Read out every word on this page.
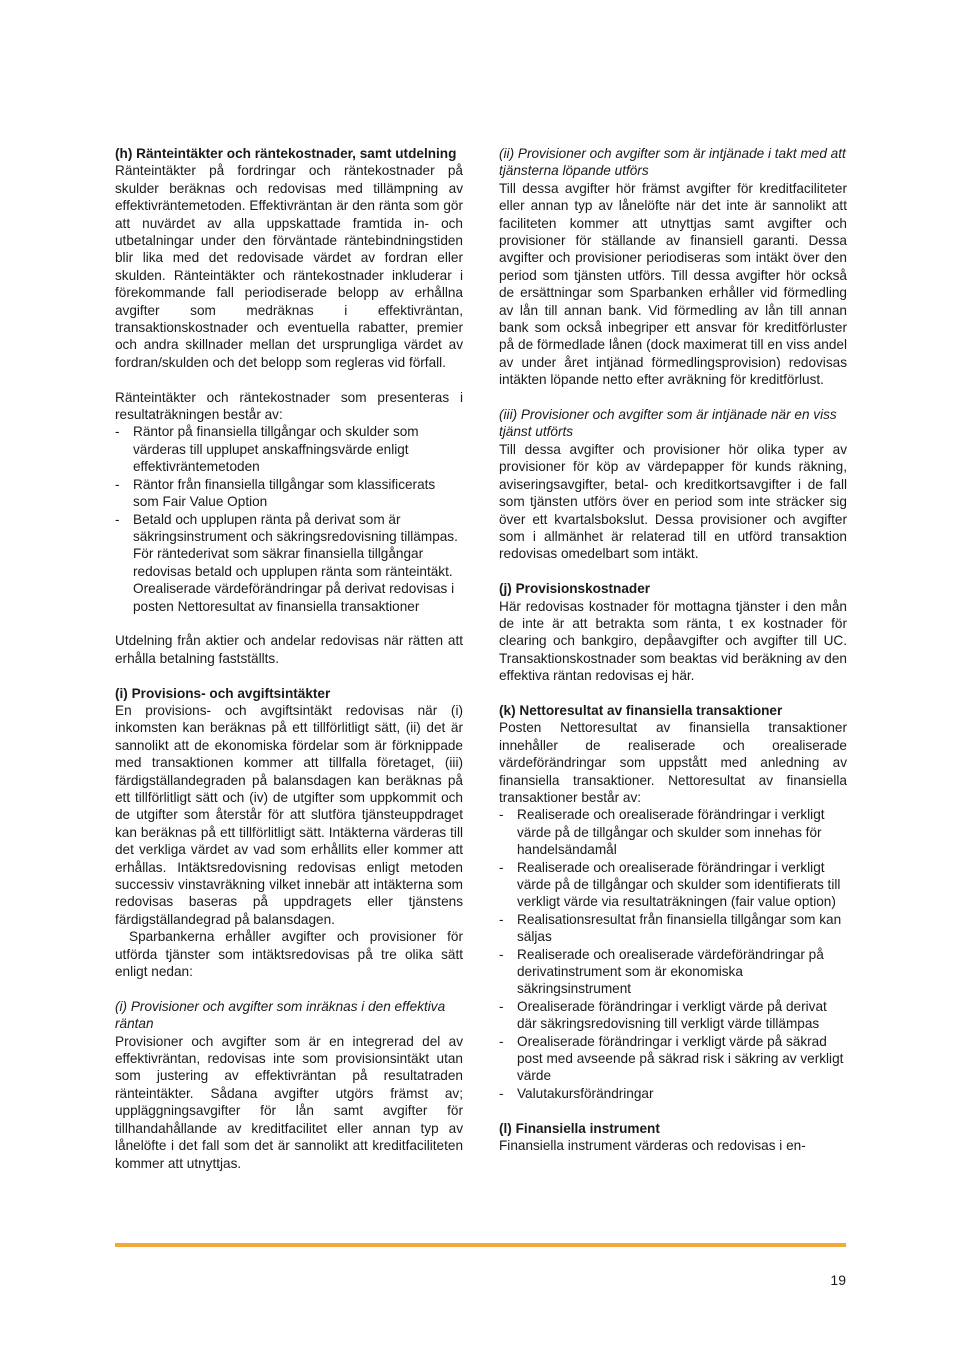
(h) Ränteintäkter och räntekostnader, samt utdelning

Ränteintäkter på fordringar och räntekostnader på skulder beräknas och redovisas med tillämpning av effektivräntemetoden. Effektivräntan är den ränta som gör att nuvärdet av alla uppskattade framtida in- och utbetalningar under den förväntade räntebindningstiden blir lika med det redovisade värdet av fordran eller skulden. Ränteintäkter och räntekostnader inkluderar i förekommande fall periodiserade belopp av erhållna avgifter som medräknas i effektivräntan, transaktionskostnader och eventuella rabatter, premier och andra skillnader mellan det ursprungliga värdet av fordran/skulden och det belopp som regleras vid förfall.

Ränteintäkter och räntekostnader som presenteras i resultaträkningen består av:

- Räntor på finansiella tillgångar och skulder som värderas till upplupet anskaffningsvärde enligt effektivräntemetoden
- Räntor från finansiella tillgångar som klassificerats som Fair Value Option
- Betald och upplupen ränta på derivat som är säkringsinstrument och säkringsredovisning tillämpas. För räntederivat som säkrar finansiella tillgångar redovisas betald och upplupen ränta som ränteintäkt. Orealiserade värdeförändringar på derivat redovisas i posten Nettoresultat av finansiella transaktioner

Utdelning från aktier och andelar redovisas när rätten att erhålla betalning fastställts.

(i) Provisions- och avgiftsintäkter

En provisions- och avgiftsintäkt redovisas när (i) inkomsten kan beräknas på ett tillförlitligt sätt, (ii) det är sannolikt att de ekonomiska fördelar som är förknippade med transaktionen kommer att tillfalla företaget, (iii) färdigställandegraden på balansdagen kan beräknas på ett tillförlitligt sätt och (iv) de utgifter som uppkommit och de utgifter som återstår för att slutföra tjänsteuppdraget kan beräknas på ett tillförlitligt sätt. Intäkterna värderas till det verkliga värdet av vad som erhållits eller kommer att erhållas. Intäktsredovisning redovisas enligt metoden successiv vinstavräkning vilket innebär att intäkterna som redovisas baseras på uppdragets eller tjänstens färdigställandegrad på balansdagen.

Sparbankerna erhåller avgifter och provisioner för utförda tjänster som intäktsredovisas på tre olika sätt enligt nedan:

(i) Provisioner och avgifter som inräknas i den effektiva räntan

Provisioner och avgifter som är en integrerad del av effektivräntan, redovisas inte som provisionsintäkt utan som justering av effektivräntan på resultatraden ränteintäkter. Sådana avgifter utgörs främst av; uppläggningsavgifter för lån samt avgifter för tillhandahållande av kreditfacilitet eller annan typ av lånelöfte i det fall som det är sannolikt att kreditfaciliteten kommer att utnyttjas.

(ii) Provisioner och avgifter som är intjänade i takt med att tjänsterna löpande utförs

Till dessa avgifter hör främst avgifter för kreditfaciliteter eller annan typ av lånelöfte när det inte är sannolikt att faciliteten kommer att utnyttjas samt avgifter och provisioner för ställande av finansiell garanti. Dessa avgifter och provisioner periodiseras som intäkt över den period som tjänsten utförs. Till dessa avgifter hör också de ersättningar som Sparbanken erhåller vid förmedling av lån till annan bank. Vid förmedling av lån till annan bank som också inbegriper ett ansvar för kreditförluster på de förmedlade lånen (dock maximerat till en viss andel av under året intjänad förmedlingsprovision) redovisas intäkten löpande netto efter avräkning för kreditförlust.

(iii) Provisioner och avgifter som är intjänade när en viss tjänst utförts

Till dessa avgifter och provisioner hör olika typer av provisioner för köp av värdepapper för kunds räkning, aviseringsavgifter, betal- och kreditkortsavgifter i de fall som tjänsten utförs över en period som inte sträcker sig över ett kvartalsbokslut. Dessa provisioner och avgifter som i allmänhet är relaterad till en utförd transaktion redovisas omedelbart som intäkt.

(j) Provisionskostnader

Här redovisas kostnader för mottagna tjänster i den mån de inte är att betrakta som ränta, t ex kostnader för clearing och bankgiro, depåavgifter och avgifter till UC. Transaktionskostnader som beaktas vid beräkning av den effektiva räntan redovisas ej här.

(k) Nettoresultat av finansiella transaktioner

Posten Nettoresultat av finansiella transaktioner innehåller de realiserade och orealiserade värdeförändringar som uppstått med anledning av finansiella transaktioner. Nettoresultat av finansiella transaktioner består av:

- Realiserade och orealiserade förändringar i verkligt värde på de tillgångar och skulder som innehas för handelsändamål
- Realiserade och orealiserade förändringar i verkligt värde på de tillgångar och skulder som identifierats till verkligt värde via resultaträkningen (fair value option)
- Realisationsresultat från finansiella tillgångar som kan säljas
- Realiserade och orealiserade värdeförändringar på derivatinstrument som är ekonomiska säkringsinstrument
- Orealiserade förändringar i verkligt värde på derivat där säkringsredovisning till verkligt värde tillämpas
- Orealiserade förändringar i verkligt värde på säkrad post med avseende på säkrad risk i säkring av verkligt värde
- Valutakursförändringar

(l) Finansiella instrument

Finansiella instrument värderas och redovisas i en-

19
